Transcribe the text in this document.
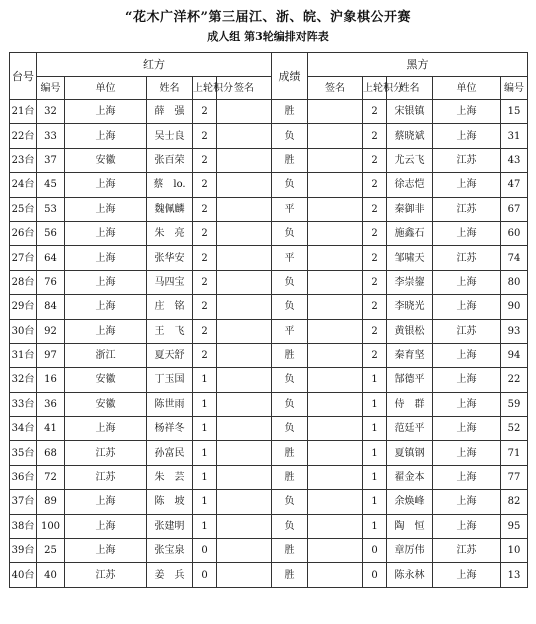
“花木广洋杯”第三届江、浙、皖、沪象棋公开赛
成人组 第3轮编排对阵表
台号	红方					成绩	黑方				
	编号	单位	姓名	上轮积分	签名		签名	上轮积分	姓名	单位	编号
21台	32	上海	薛　强	2		胜		2	宋银镇	上海	15
22台	33	上海	吴士良	2		负		2	蔡晓斌	上海	31
23台	37	安徽	张百荣	2		胜		2	尤云飞	江苏	43
24台	45	上海	蔡　lo.	2		负		2	徐志恺	上海	47
25台	53	上海	魏佩麟	2		平		2	秦御非	江苏	67
26台	56	上海	朱　亮	2		负		2	施鑫石	上海	60
27台	64	上海	张华安	2		平		2	邹啸天	江苏	74
28台	76	上海	马四宝	2		负		2	李崇鋆	上海	80
29台	84	上海	庄　铭	2		负		2	李晓光	上海	90
30台	92	上海	王　飞	2		平		2	黄银松	江苏	93
31台	97	浙江	夏天舒	2		胜		2	秦育坚	上海	94
32台	16	安徽	丁玉国	1		负		1	郜德平	上海	22
33台	36	安徽	陈世雨	1		负		1	侍　群	上海	59
34台	41	上海	杨祥冬	1		负		1	范廷平	上海	52
35台	68	江苏	孙富民	1		胜		1	夏镇钢	上海	71
36台	72	江苏	朱　芸	1		胜		1	翟金本	上海	77
37台	89	上海	陈　坡	1		负		1	余焕峰	上海	82
38台	100	上海	张建明	1		负		1	陶　恒	上海	95
39台	25	上海	张宝泉	0		胜		0	章厉伟	江苏	10
40台	40	江苏	姜　兵	0		胜		0	陈永林	上海	13
